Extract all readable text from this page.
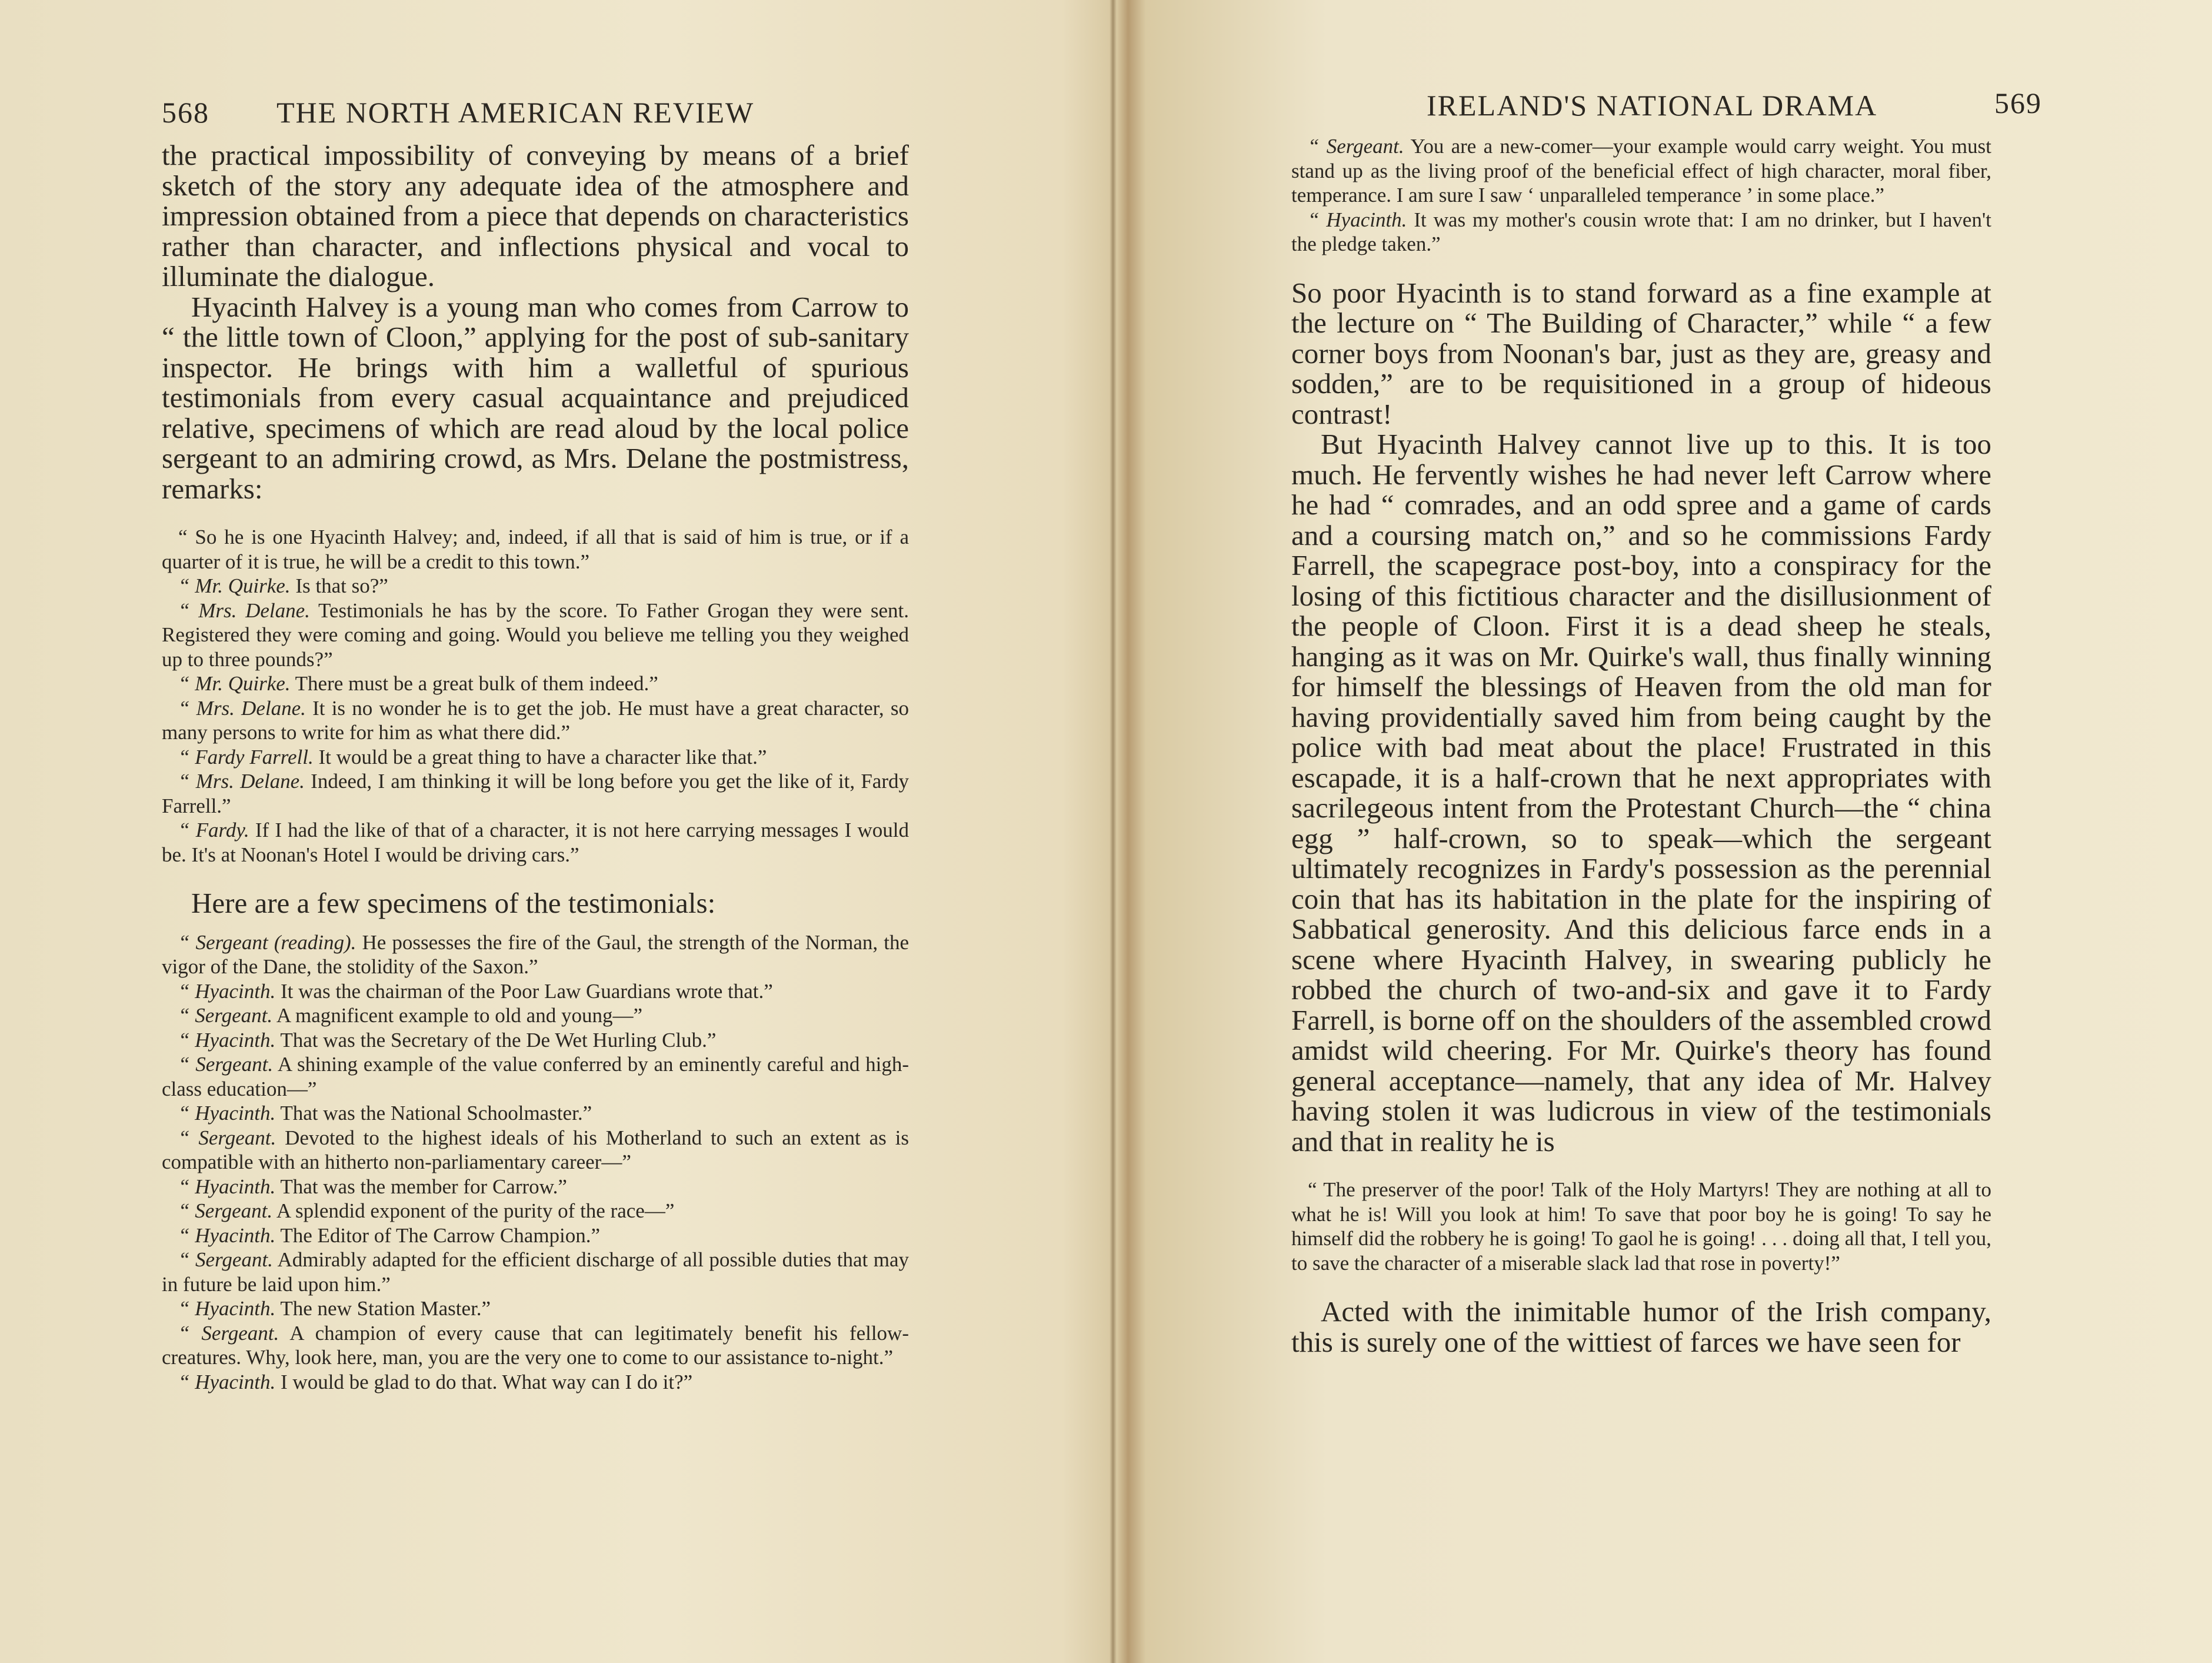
568 THE NORTH AMERICAN REVIEW

the practical impossibility of conveying by means of a brief sketch of the story any adequate idea of the atmosphere and impression obtained from a piece that depends on characteristics rather than character, and inflections physical and vocal to illuminate the dialogue.

Hyacinth Halvey is a young man who comes from Carrow to “ the little town of Cloon,” applying for the post of sub-sanitary inspector. He brings with him a walletful of spurious testimonials from every casual acquaintance and prejudiced relative, specimens of which are read aloud by the local police sergeant to an admiring crowd, as Mrs. Delane the postmistress, remarks:

“ So he is one Hyacinth Halvey; and, indeed, if all that is said of him is true, or if a quarter of it is true, he will be a credit to this town.”

“ Mr. Quirke. Is that so?”

“ Mrs. Delane. Testimonials he has by the score. To Father Grogan they were sent. Registered they were coming and going. Would you believe me telling you they weighed up to three pounds?”

“ Mr. Quirke. There must be a great bulk of them indeed.”

“ Mrs. Delane. It is no wonder he is to get the job. He must have a great character, so many persons to write for him as what there did.”

“ Fardy Farrell. It would be a great thing to have a character like that.”

“ Mrs. Delane. Indeed, I am thinking it will be long before you get the like of it, Fardy Farrell.”

“ Fardy. If I had the like of that of a character, it is not here carrying messages I would be. It's at Noonan's Hotel I would be driving cars.”

Here are a few specimens of the testimonials:

“ Sergeant (reading). He possesses the fire of the Gaul, the strength of the Norman, the vigor of the Dane, the stolidity of the Saxon.”

“ Hyacinth. It was the chairman of the Poor Law Guardians wrote that.”

“ Sergeant. A magnificent example to old and young—”

“ Hyacinth. That was the Secretary of the De Wet Hurling Club.”

“ Sergeant. A shining example of the value conferred by an eminently careful and high-class education—”

“ Hyacinth. That was the National Schoolmaster.”

“ Sergeant. Devoted to the highest ideals of his Motherland to such an extent as is compatible with an hitherto non-parliamentary career—”

“ Hyacinth. That was the member for Carrow.”

“ Sergeant. A splendid exponent of the purity of the race—”

“ Hyacinth. The Editor of The Carrow Champion.”

“ Sergeant. Admirably adapted for the efficient discharge of all possible duties that may in future be laid upon him.”

“ Hyacinth. The new Station Master.”

“ Sergeant. A champion of every cause that can legitimately benefit his fellow-creatures. Why, look here, man, you are the very one to come to our assistance to-night.”

“ Hyacinth. I would be glad to do that. What way can I do it?”

IRELAND'S NATIONAL DRAMA	569

“ Sergeant. You are a new-comer—your example would carry weight. You must stand up as the living proof of the beneficial effect of high character, moral fiber, temperance. I am sure I saw ‘ unparalleled temperance ’ in some place.”

“ Hyacinth. It was my mother's cousin wrote that: I am no drinker, but I haven't the pledge taken.”

So poor Hyacinth is to stand forward as a fine example at the lecture on “ The Building of Character,” while “ a few corner boys from Noonan's bar, just as they are, greasy and sodden,” are to be requisitioned in a group of hideous contrast!

But Hyacinth Halvey cannot live up to this. It is too much. He fervently wishes he had never left Carrow where he had “ comrades, and an odd spree and a game of cards and a coursing match on,” and so he commissions Fardy Farrell, the scapegrace post-boy, into a conspiracy for the losing of this fictitious character and the disillusionment of the people of Cloon. First it is a dead sheep he steals, hanging as it was on Mr. Quirke's wall, thus finally winning for himself the blessings of Heaven from the old man for having providentially saved him from being caught by the police with bad meat about the place! Frustrated in this escapade, it is a half-crown that he next appropriates with sacrilegeous intent from the Protestant Church—the “ china egg ” half-crown, so to speak—which the sergeant ultimately recognizes in Fardy's possession as the perennial coin that has its habitation in the plate for the inspiring of Sabbatical generosity. And this delicious farce ends in a scene where Hyacinth Halvey, in swearing publicly he robbed the church of two-and-six and gave it to Fardy Farrell, is borne off on the shoulders of the assembled crowd amidst wild cheering. For Mr. Quirke's theory has found general acceptance—namely, that any idea of Mr. Halvey having stolen it was ludicrous in view of the testimonials and that in reality he is

“ The preserver of the poor! Talk of the Holy Martyrs! They are nothing at all to what he is! Will you look at him! To save that poor boy he is going! To say he himself did the robbery he is going! To gaol he is going! . . . doing all that, I tell you, to save the character of a miserable slack lad that rose in poverty!”

Acted with the inimitable humor of the Irish company, this is surely one of the wittiest of farces we have seen for
